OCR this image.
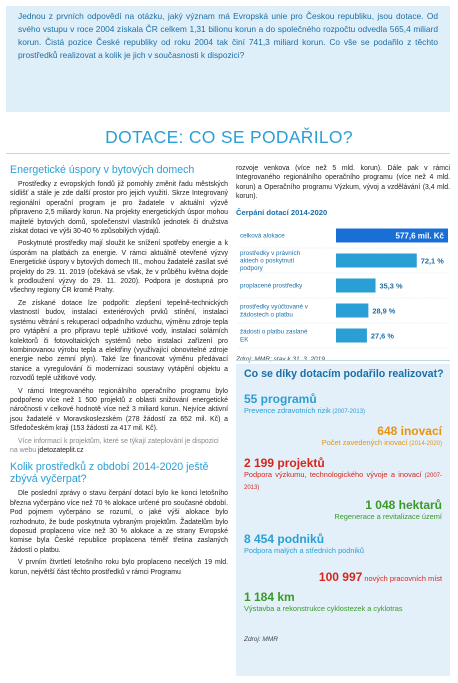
Jednou z prvních odpovědí na otázku, jaký význam má Evropská unie pro Českou republiku, jsou dotace. Od svého vstupu v roce 2004 získala ČR celkem 1,31 bilionu korun a do společného rozpočtu odvedla 565,4 miliard korun. Čistá pozice České republiky od roku 2004 tak činí 741,3 miliard korun. Co vše se podařilo z těchto prostředků realizovat a kolik je jich v současnosti k dispozici?
DOTACE: CO SE PODAŘILO?
Energetické úspory v bytových domech

Prostředky z evropských fondů již pomohly změnit řadu městských sídlišť a stále je zde další prostor pro jejich využití. Skrze Integrovaný regionální operační program je pro žadatele v aktuální výzvě připraveno 2,5 miliardy korun. Na projekty energetických úspor mohou majitelé bytových domů, společenství vlastníků jednotek či družstva získat dotaci ve výši 30-40 % způsobilých výdajů.

Poskytnuté prostředky mají sloužit ke snížení spotřeby energie a k úsporám na platbách za energie. V rámci aktuálně otevřené výzvy Energetické úspory v bytových domech III., mohou žadatelé zasílat své projekty do 29. 11. 2019 (očekává se však, že v průběhu května dojde k prodloužení výzvy do 29. 11. 2020). Podpora je dostupná pro všechny regiony ČR kromě Prahy.

Ze získané dotace lze podpořit: zlepšení tepelně-technických vlastností budov, instalaci exteriérových prvků stínění, instalaci systému větrání s rekuperací odpadního vzduchu, výměnu zdroje tepla pro vytápění a pro přípravu teplé užitkové vody, instalaci solárních kolektorů či fotovoltaických systémů nebo instalaci zařízení pro kombinovanou výrobu tepla a elektřiny (využívající obnovitelné zdroje energie nebo zemní plyn). Také lze financovat výměnu předávací stanice a vyregulování či modernizaci soustavy vytápění objektu a rozvodů teplé užitkové vody.

V rámci Integrovaného regionálního operačního programu bylo podpořeno více než 1 500 projektů z oblasti snižování energetické náročnosti v celkové hodnotě více než 3 miliard korun. Nejvíce aktivní jsou žadatelé v Moravskoslezském (278 žádostí za 652 mil. Kč) a Středočeském kraji (153 žádostí za 417 mil. Kč).

Více informací k projektům, které se týkají zateplování je dispozici na webu jdetozateplit.cz

Kolik prostředků z období 2014-2020 ještě zbývá vyčerpat?

Dle poslední zprávy o stavu čerpání dotací bylo ke konci letošního března vyčerpáno více než 70 % alokace určené pro současné období. Pod pojmem vyčerpáno se rozumí, o jaké výši alokace bylo rozhodnuto, že bude poskytnuta vybraným projektům. Žadatelům bylo doposud proplaceno více než 30 % alokace a ze strany Evropské komise byla České republice proplacena téměř třetina zaslaných žádostí o platbu.

V prvním čtvrtletí letošního roku bylo proplaceno necelých 19 mld. korun, největší část těchto prostředků v rámci Programu

rozvoje venkova (více než 5 mld. korun). Dále pak v rámci Integrovaného regionálního operačního programu (více než 4 mld. korun) a Operačního programu Výzkum, vývoj a vzdělávání (3,4 mld. korun).

Čerpání dotací 2014-2020
celková alokace	577,6 mil. Kč
prostředky v právních aktech o poskytnutí podpory
72,1 %
proplacené prostředky	35,3 %
prostředky vyúčtované v žádostech o platbu	28,9 %
žádosti o platbu zaslané EK	27,6 %
Co se díky dotacím podařilo realizovat?
55 programů
Prevence zdravotních rizik (2007-2013)
648 inovací
Počet zavedených inovací (2014-2020)
2 199 projektů
Podpora výzkumu, technologického vývoje a inovací (2007-2013)
1 048 hektarů
Regenerace a revitalizace území
8 454 podniků
Podpora malých a středních podniků
100 997 nových pracovních míst
1 184 km
Výstavba a rekonstrukce cyklostezek a cyklotras
Zdroj: MMR
